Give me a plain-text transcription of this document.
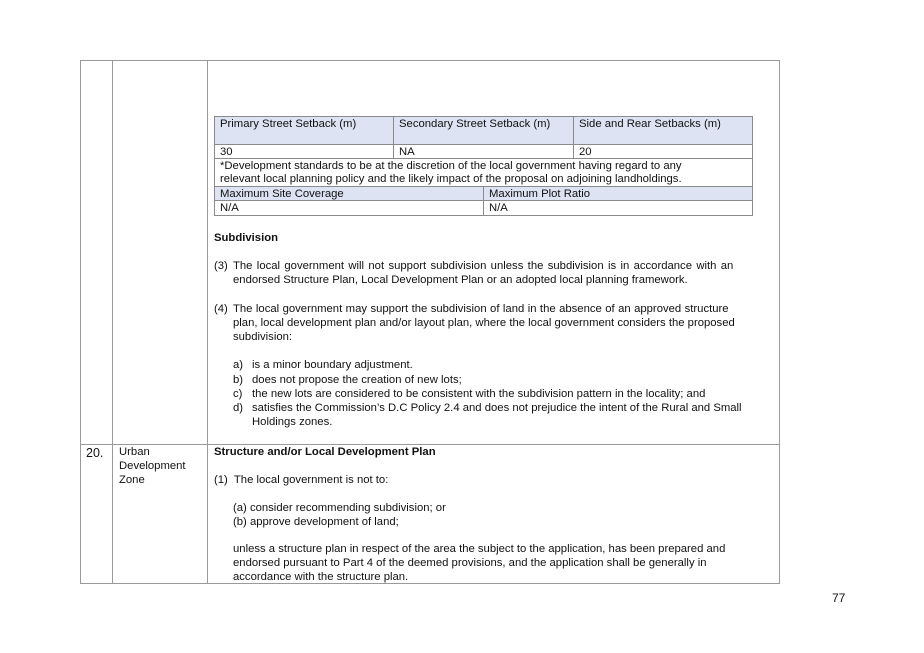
Primary Street Setback (m)	Secondary Street Setback (m)	Side and Rear Setbacks (m)
30	NA	20
*Development standards to be at the discretion of the local government having regard to any
relevant local planning policy and the likely impact of the proposal on adjoining landholdings.
Maximum Site Coverage	Maximum Plot Ratio
N/A	N/A
Subdivision
(3) The local government will not support subdivision unless the subdivision is in accordance with an
endorsed Structure Plan, Local Development Plan or an adopted local planning framework.
(4) The local government may support the subdivision of land in the absence of an approved structure
plan, local development plan and/or layout plan, where the local government considers the proposed
subdivision:
a) is a minor boundary adjustment.
b) does not propose the creation of new lots;
c) the new lots are considered to be consistent with the subdivision pattern in the locality; and
d) satisfies the Commission’s D.C Policy 2.4 and does not prejudice the intent of the Rural and Small
Holdings zones.
20. Urban
Development
Zone
Structure and/or Local Development Plan
(1)  The local government is not to:
(a) consider recommending subdivision; or
(b) approve development of land;
unless a structure plan in respect of the area the subject to the application, has been prepared and
endorsed pursuant to Part 4 of the deemed provisions, and the application shall be generally in
accordance with the structure plan.
77
